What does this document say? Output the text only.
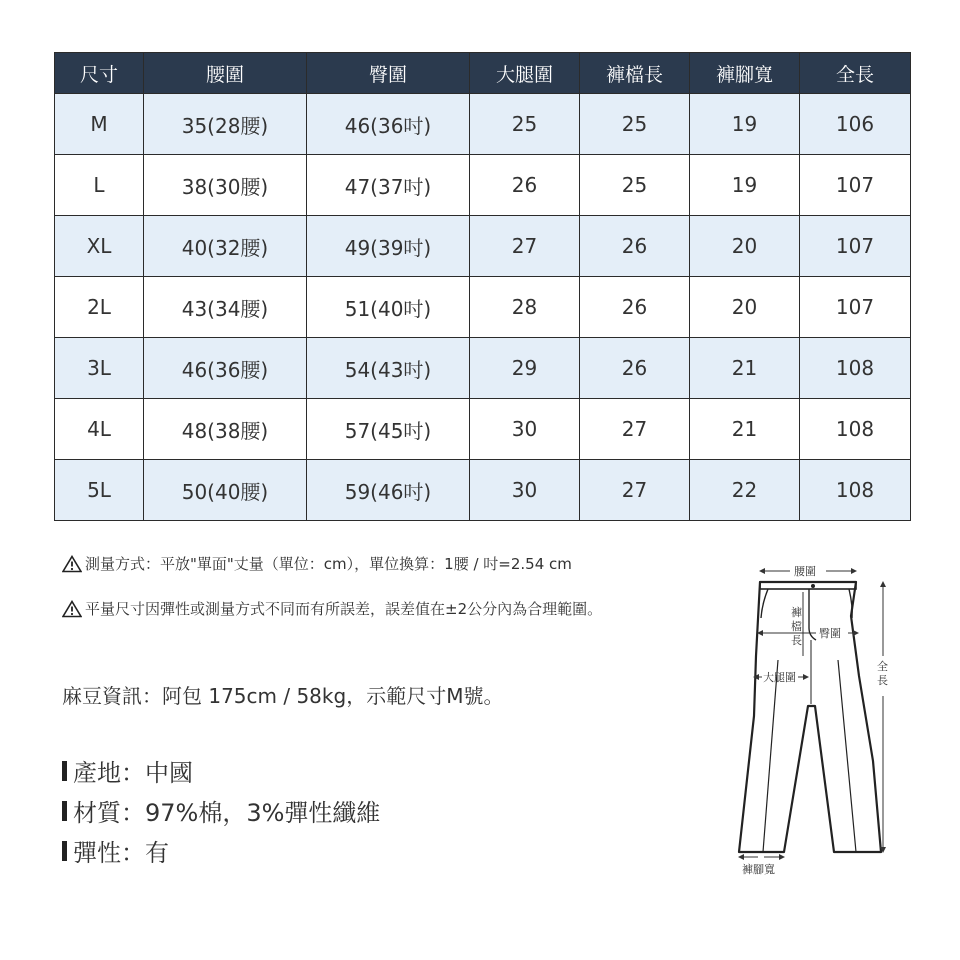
尺寸	腰圍	臀圍	大腿圍	褲檔長	褲腳寬	全長
M	35(28腰)	46(36吋)	25	25	19	106
L	38(30腰)	47(37吋)	26	25	19	107
XL	40(32腰)	49(39吋)	27	26	20	107
2L	43(34腰)	51(40吋)	28	26	20	107
3L	46(36腰)	54(43吋)	29	26	21	108
4L	48(38腰)	57(45吋)	30	27	21	108
5L	50(40腰)	59(46吋)	30	27	22	108
測量方式：平放"單面"丈量（單位：cm），單位換算：1腰 / 吋=2.54 cm
平量尺寸因彈性或測量方式不同而有所誤差，誤差值在±2公分內為合理範圍。
麻豆資訊：阿包 175cm / 58kg，示範尺寸M號。
產地：中國
材質：97%棉，3%彈性纖維
彈性：有
腰圍
褲
檔
長
臀圍
大腿圍
全
長
褲腳寬
